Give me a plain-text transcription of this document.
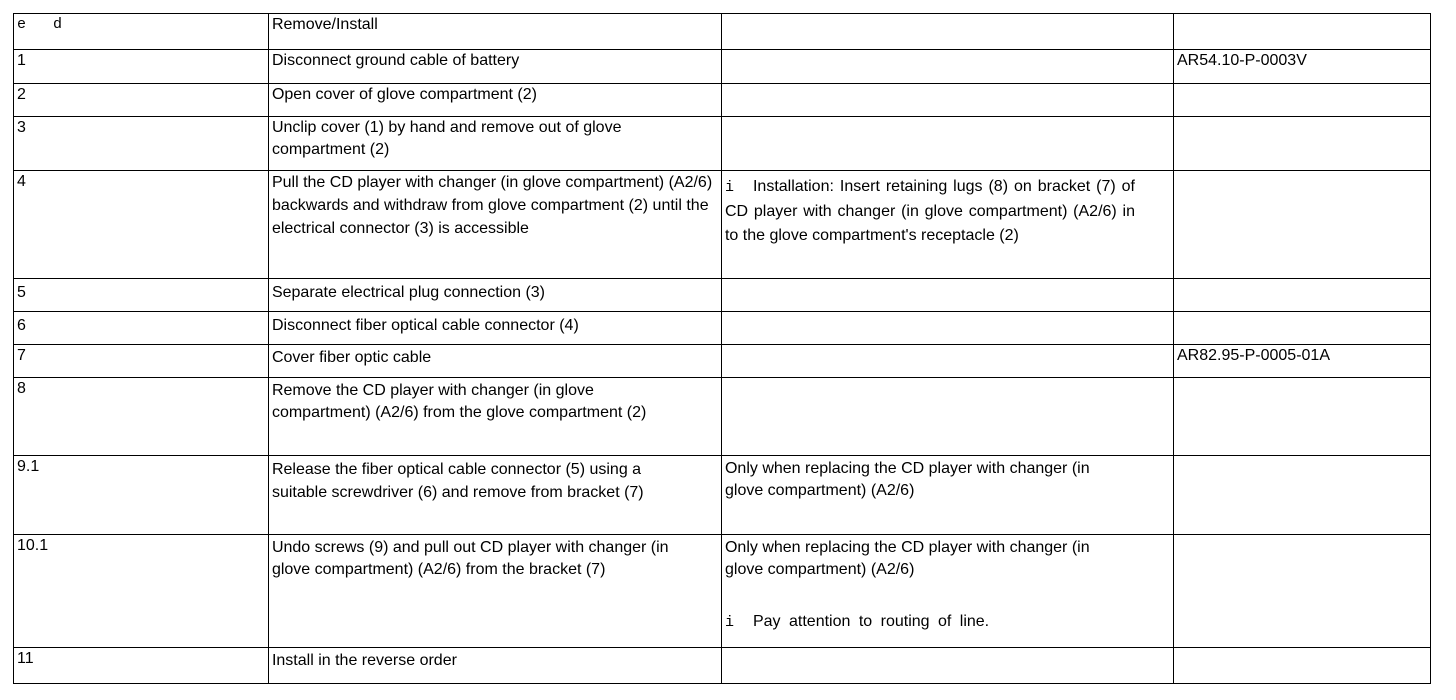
e d	Remove/Install		
1	Disconnect ground cable of battery		AR54.10-P-0003V
2	Open cover of glove compartment (2)		
3	Unclip cover (1) by hand and remove out of glove compartment (2)		
4	Pull the CD player with changer (in glove compartment) (A2/6) backwards and withdraw from glove compartment (2) until the electrical connector (3) is accessible	i Installation: Insert retaining lugs (8) on bracket (7) of CD player with changer (in glove compartment) (A2/6) in to the glove compartment's receptacle (2)	

5	Separate electrical plug connection (3)		
6	Disconnect fiber optical cable connector (4)		
7	Cover fiber optic cable		AR82.95-P-0005-01A
8	Remove the CD player with changer (in glove compartment) (A2/6) from the glove compartment (2)		
9.1	Release the fiber optical cable connector (5) using a suitable screwdriver (6) and remove from bracket (7)	Only when replacing the CD player with changer (in glove compartment) (A2/6)	
10.1	Undo screws (9) and pull out CD player with changer (in glove compartment) (A2/6) from the bracket (7)	Only when replacing the CD player with changer (in glove compartment) (A2/6)
i Pay attention to routing of line.	

11	Install in the reverse order		
